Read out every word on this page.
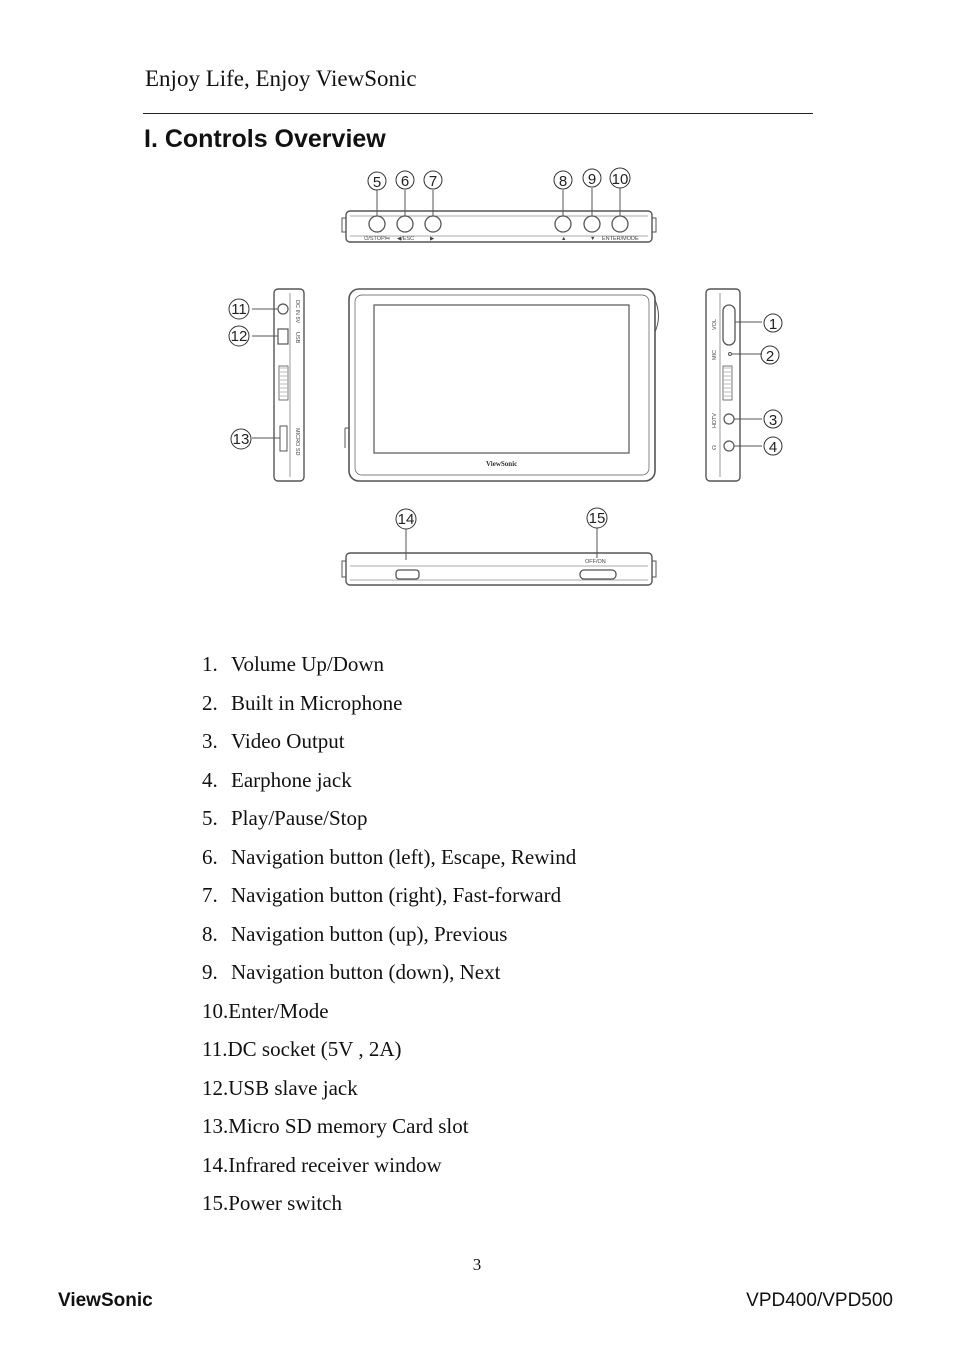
Enjoy Life, Enjoy ViewSonic
I. Controls Overview
⏻/STOP/⏯ ◀/ESC	▶	▲	▼ ENTER/MODE
ViewSonic
DC IN 5V
USB
MICRO SD
VOL
MIC
HDTV
☊
OFF/ON
5 6 7	8 9 10
11
12
13
14	15
1
2
3
4
1. Volume Up/Down
2. Built in Microphone
3. Video Output
4. Earphone jack
5. Play/Pause/Stop
6. Navigation button (left), Escape, Rewind
7. Navigation button (right), Fast-forward
8. Navigation button (up), Previous
9. Navigation button (down), Next
10.Enter/Mode
11.DC socket (5V , 2A)
12.USB slave jack
13.Micro SD memory Card slot
14.Infrared receiver window
15.Power switch
3
ViewSonic	VPD400/VPD500
